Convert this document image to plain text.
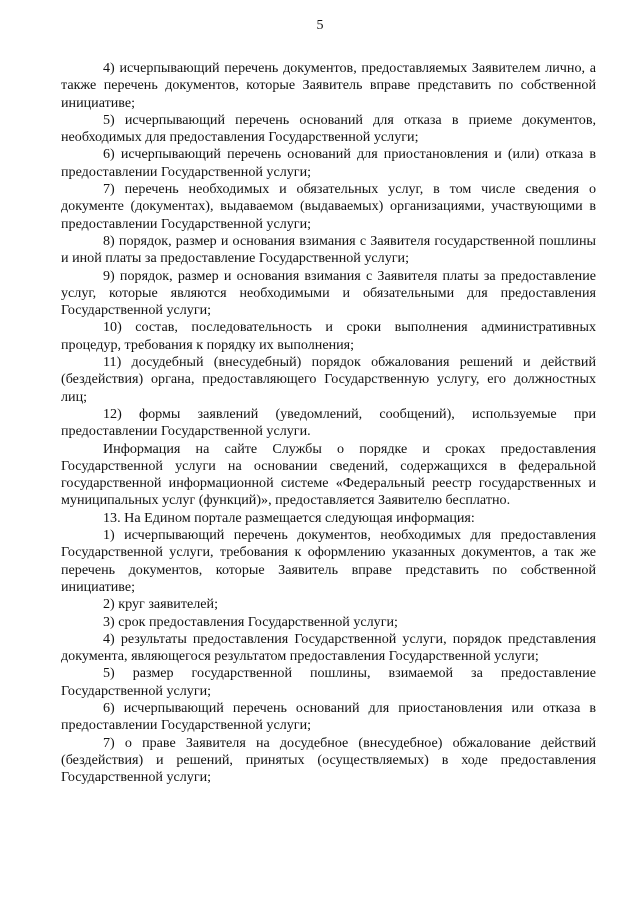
5

4) исчерпывающий перечень документов, предоставляемых Заявителем лично, а также перечень документов, которые Заявитель вправе представить по собственной инициативе;

5) исчерпывающий перечень оснований для отказа в приеме документов, необходимых для предоставления Государственной услуги;

6) исчерпывающий перечень оснований для приостановления и (или) отказа в предоставлении Государственной услуги;

7) перечень необходимых и обязательных услуг, в том числе сведения о документе (документах), выдаваемом (выдаваемых) организациями, участвующими в предоставлении Государственной услуги;

8) порядок, размер и основания взимания с Заявителя государственной пошлины и иной платы за предоставление Государственной услуги;

9) порядок, размер и основания взимания с Заявителя платы за предоставление услуг, которые являются необходимыми и обязательными для предоставления Государственной услуги;

10) состав, последовательность и сроки выполнения административных процедур, требования к порядку их выполнения;

11) досудебный (внесудебный) порядок обжалования решений и действий (бездействия) органа, предоставляющего Государственную услугу, его должностных лиц;

12) формы заявлений (уведомлений, сообщений), используемые при предоставлении Государственной услуги.

Информация на сайте Службы о порядке и сроках предоставления Государственной услуги на основании сведений, содержащихся в федеральной государственной информационной системе «Федеральный реестр государственных и муниципальных услуг (функций)», предоставляется Заявителю бесплатно.

13. На Едином портале размещается следующая информация:

1) исчерпывающий перечень документов, необходимых для предоставления Государственной услуги, требования к оформлению указанных документов, а так же перечень документов, которые Заявитель вправе представить по собственной инициативе;

2) круг заявителей;

3) срок предоставления Государственной услуги;

4) результаты предоставления Государственной услуги, порядок представления документа, являющегося результатом предоставления Государственной услуги;

5) размер государственной пошлины, взимаемой за предоставление Государственной услуги;

6) исчерпывающий перечень оснований для приостановления или отказа в предоставлении Государственной услуги;

7) о праве Заявителя на досудебное (внесудебное) обжалование действий (бездействия) и решений, принятых (осуществляемых) в ходе предоставления Государственной услуги;
